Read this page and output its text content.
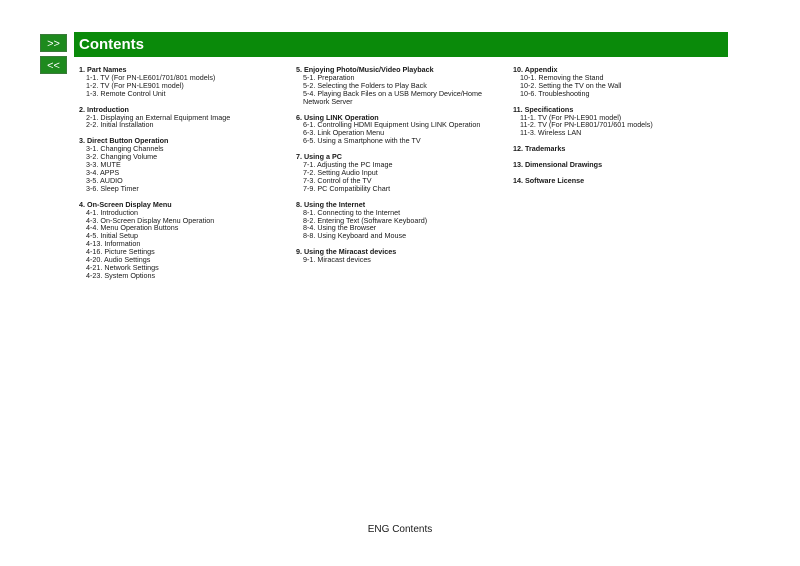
>>
<<
Contents
1. Part Names
1-1. TV (For PN-LE601/701/801 models)
1-2. TV (For PN-LE901 model)
1-3. Remote Control Unit
2. Introduction
2-1. Displaying an External Equipment Image
2-2. Initial Installation
3. Direct Button Operation
3-1. Changing Channels
3-2. Changing Volume
3-3. MUTE
3-4. APPS
3-5. AUDIO
3-6. Sleep Timer
4. On-Screen Display Menu
4-1. Introduction
4-3. On-Screen Display Menu Operation
4-4. Menu Operation Buttons
4-5. Initial Setup
4-13. Information
4-16. Picture Settings
4-20. Audio Settings
4-21. Network Settings
4-23. System Options
5. Enjoying Photo/Music/Video Playback
5-1. Preparation
5-2. Selecting the Folders to Play Back
5-4. Playing Back Files on a USB Memory Device/Home Network Server
6. Using LINK Operation
6-1. Controlling HDMI Equipment Using LINK Operation
6-3. Link Operation Menu
6-5. Using a Smartphone with the TV
7. Using a PC
7-1. Adjusting the PC Image
7-2. Setting Audio Input
7-3. Control of the TV
7-9. PC Compatibility Chart
8. Using the Internet
8-1. Connecting to the Internet
8-2. Entering Text (Software Keyboard)
8-4. Using the Browser
8-8. Using Keyboard and Mouse
9. Using the Miracast devices
9-1. Miracast devices
10. Appendix
10-1. Removing the Stand
10-2. Setting the TV on the Wall
10-6. Troubleshooting
11. Specifications
11-1. TV (For PN-LE901 model)
11-2. TV (For PN-LE801/701/601 models)
11-3. Wireless LAN
12. Trademarks
13. Dimensional Drawings
14. Software License
ENG Contents
